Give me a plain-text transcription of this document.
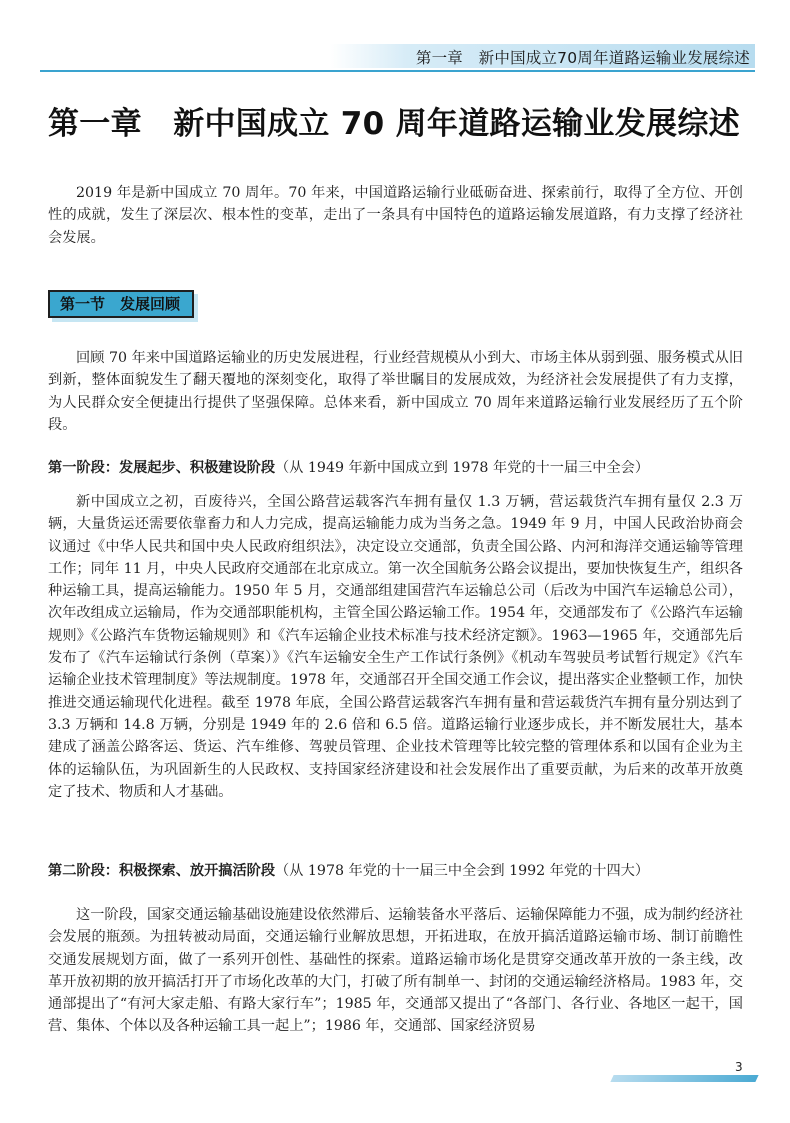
第一章　新中国成立70周年道路运输业发展综述
第一章　新中国成立 70 周年道路运输业发展综述

2019 年是新中国成立 70 周年。70 年来，中国道路运输行业砥砺奋进、探索前行，取得了全方位、开创性的成就，发生了深层次、根本性的变革，走出了一条具有中国特色的道路运输发展道路，有力支撑了经济社会发展。

第一节　发展回顾

回顾 70 年来中国道路运输业的历史发展进程，行业经营规模从小到大、市场主体从弱到强、服务模式从旧到新，整体面貌发生了翻天覆地的深刻变化，取得了举世瞩目的发展成效，为经济社会发展提供了有力支撑，为人民群众安全便捷出行提供了坚强保障。总体来看，新中国成立 70 周年来道路运输行业发展经历了五个阶段。

第一阶段：发展起步、积极建设阶段（从 1949 年新中国成立到 1978 年党的十一届三中全会）

新中国成立之初，百废待兴，全国公路营运载客汽车拥有量仅 1.3 万辆，营运载货汽车拥有量仅 2.3 万辆，大量货运还需要依靠畜力和人力完成，提高运输能力成为当务之急。1949 年 9 月，中国人民政治协商会议通过《中华人民共和国中央人民政府组织法》，决定设立交通部，负责全国公路、内河和海洋交通运输等管理工作；同年 11 月，中央人民政府交通部在北京成立。第一次全国航务公路会议提出，要加快恢复生产，组织各种运输工具，提高运输能力。1950 年 5 月，交通部组建国营汽车运输总公司（后改为中国汽车运输总公司），次年改组成立运输局，作为交通部职能机构，主管全国公路运输工作。1954 年，交通部发布了《公路汽车运输规则》《公路汽车货物运输规则》和《汽车运输企业技术标准与技术经济定额》。1963—1965 年，交通部先后发布了《汽车运输试行条例（草案）》《汽车运输安全生产工作试行条例》《机动车驾驶员考试暂行规定》《汽车运输企业技术管理制度》等法规制度。1978 年，交通部召开全国交通工作会议，提出落实企业整顿工作，加快推进交通运输现代化进程。截至 1978 年底，全国公路营运载客汽车拥有量和营运载货汽车拥有量分别达到了 3.3 万辆和 14.8 万辆，分别是 1949 年的 2.6 倍和 6.5 倍。道路运输行业逐步成长，并不断发展壮大，基本建成了涵盖公路客运、货运、汽车维修、驾驶员管理、企业技术管理等比较完整的管理体系和以国有企业为主体的运输队伍，为巩固新生的人民政权、支持国家经济建设和社会发展作出了重要贡献，为后来的改革开放奠定了技术、物质和人才基础。

第二阶段：积极探索、放开搞活阶段（从 1978 年党的十一届三中全会到 1992 年党的十四大）

这一阶段，国家交通运输基础设施建设依然滞后、运输装备水平落后、运输保障能力不强，成为制约经济社会发展的瓶颈。为扭转被动局面，交通运输行业解放思想，开拓进取，在放开搞活道路运输市场、制订前瞻性交通发展规划方面，做了一系列开创性、基础性的探索。道路运输市场化是贯穿交通改革开放的一条主线，改革开放初期的放开搞活打开了市场化改革的大门，打破了所有制单一、封闭的交通运输经济格局。1983 年，交通部提出了“有河大家走船、有路大家行车”；1985 年，交通部又提出了“各部门、各行业、各地区一起干，国营、集体、个体以及各种运输工具一起上”；1986 年，交通部、国家经济贸易

3
